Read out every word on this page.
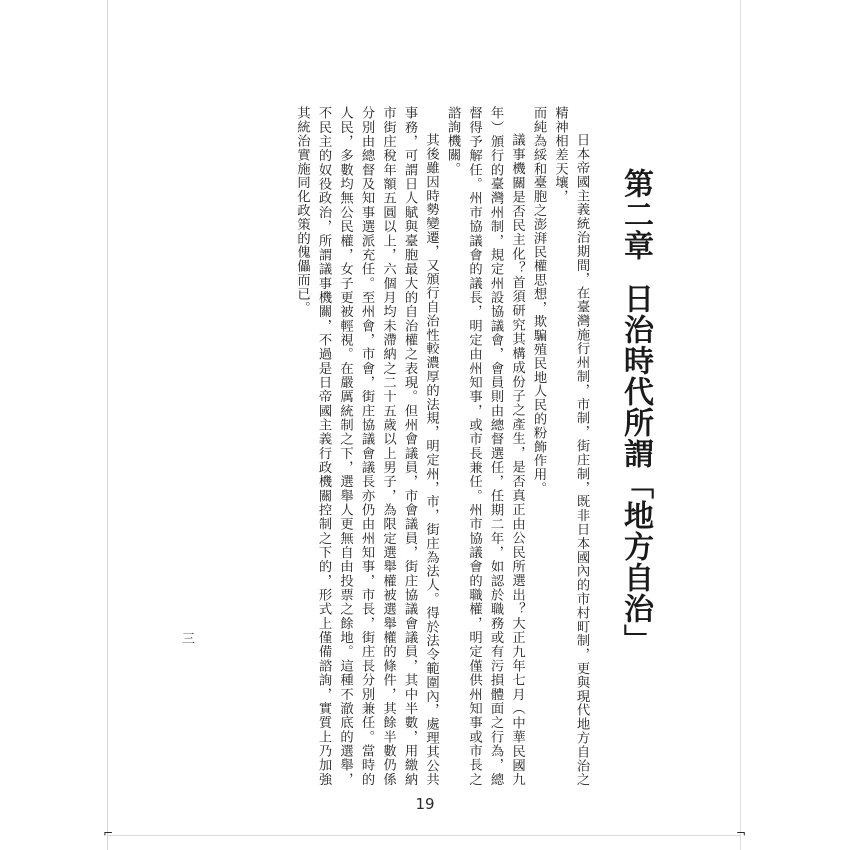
⌐	¬
第二章日治時代所謂「地方自治」

日本帝國主義統治期間，在臺灣施行州制，市制，街庄制，既非日本國內的市村町制，更與現代地方自治之精神相差天壤，

而純為綏和臺胞之澎湃民權思想，欺騙殖民地人民的粉飾作用。

議事機關是否民主化？首須研究其構成份子之產生，是否真正由公民所選出？大正九年七月（中華民國九年）頒行的臺灣州制，規定州設協議會，會員則由總督選任，任期二年，如認於職務或有污損體面之行為，總督得予解任。州市協議會的議長，明定由州知事，或市長兼任。州市協議會的職權，明定僅供州知事或市長之諮詢機關。

其後雖因時勢變遷，又頒行自治性較濃厚的法規，明定州，市，街庄為法人。得於法令範圍內，處理其公共事務，可謂日人賦與臺胞最大的自治權之表現。但州會議員，市會議員，街庄協議會議員，其中半數，用繳納市街庄稅年額五圓以上，六個月均未滯納之二十五歲以上男子，為限定選舉權被選舉權的條件，其餘半數仍係分別由總督及知事選派充任。至州會，市會，街庄協議會議長亦仍由州知事，市長，街庄長分別兼任。當時的人民，多數均無公民權，女子更被輕視。在嚴厲統制之下，選舉人更無自由投票之餘地。這種不澈底的選舉，不民主的奴役政治，所謂議事機關，不過是日帝國主義行政機關控制之下的，形式上僅備諮詢，實質上乃加強其統治實施同化政策的傀儡而已。

三
19
